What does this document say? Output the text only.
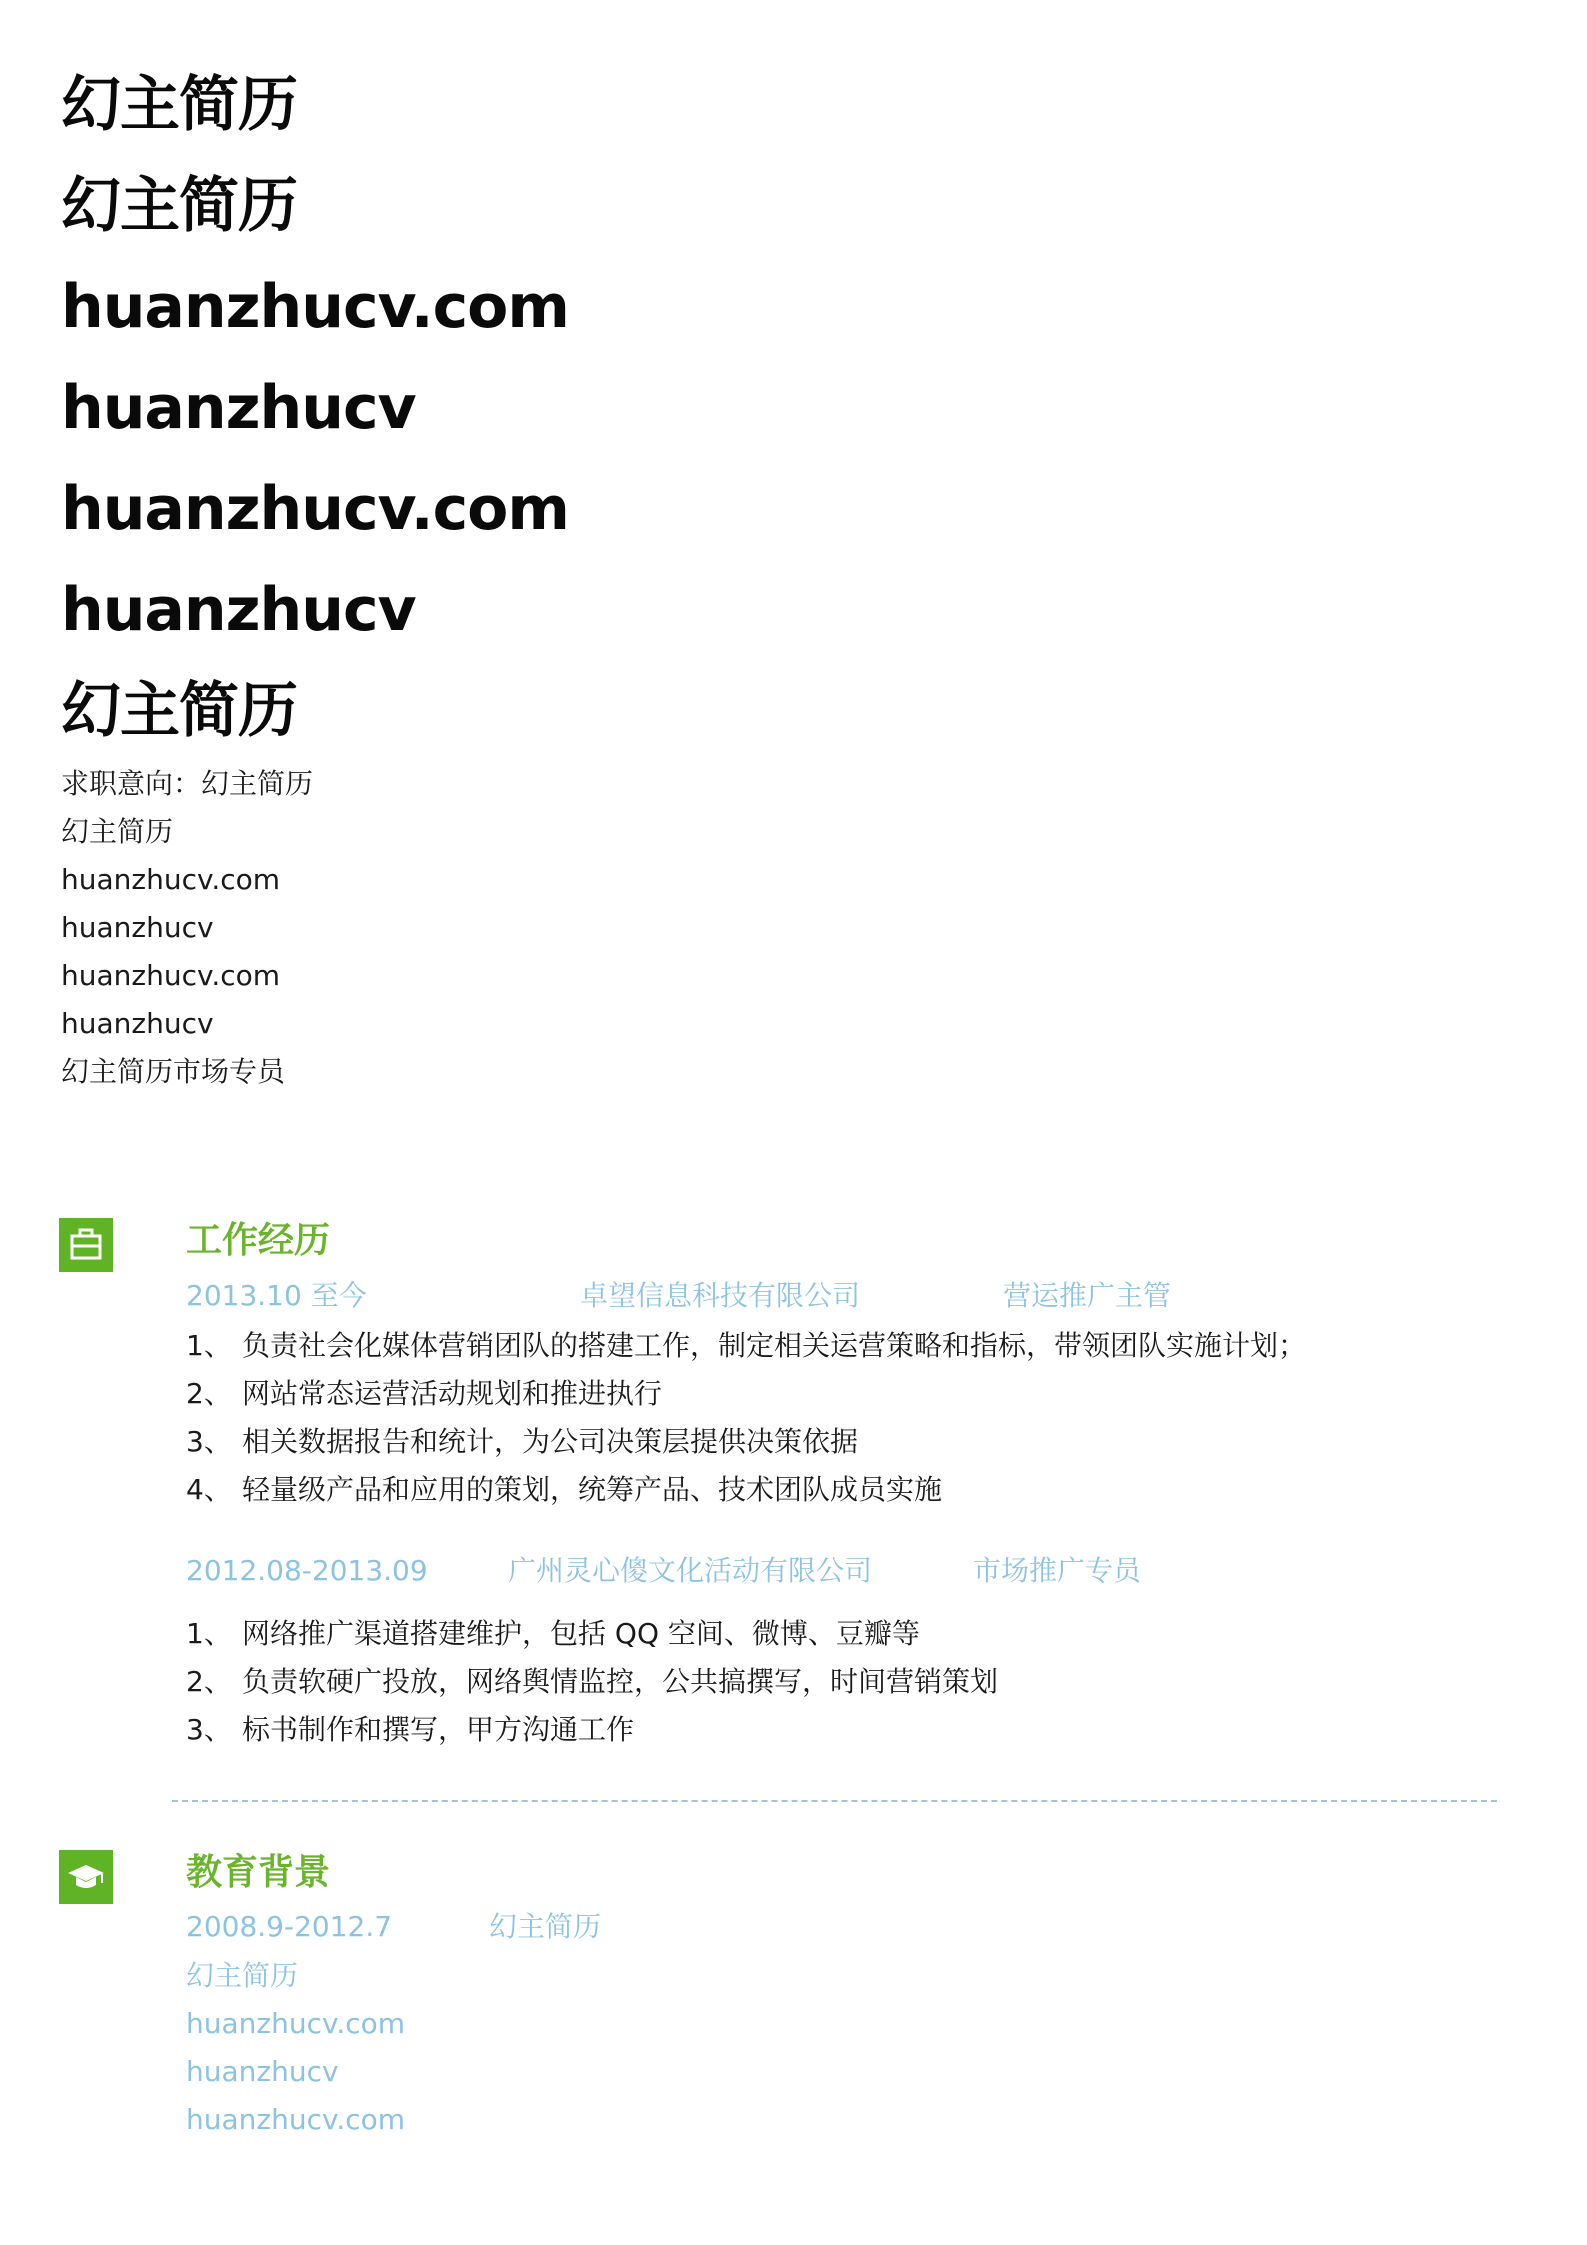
幻主简历
幻主简历
huanzhucv.com
huanzhucv
huanzhucv.com
huanzhucv
幻主简历
求职意向：幻主简历
幻主简历
huanzhucv.com
huanzhucv
huanzhucv.com
huanzhucv
幻主简历市场专员
工作经历
2013.10 至今	卓望信息科技有限公司	营运推广主管
1、 负责社会化媒体营销团队的搭建工作，制定相关运营策略和指标，带领团队实施计划；
2、 网站常态运营活动规划和推进执行
3、 相关数据报告和统计，为公司决策层提供决策依据
4、 轻量级产品和应用的策划，统筹产品、技术团队成员实施
2012.08-2013.09	广州灵心傻文化活动有限公司	市场推广专员
1、 网络推广渠道搭建维护，包括 QQ 空间、微博、豆瓣等
2、 负责软硬广投放，网络舆情监控，公共搞撰写，时间营销策划
3、 标书制作和撰写，甲方沟通工作
教育背景
2008.9-2012.7	幻主简历
幻主简历
huanzhucv.com
huanzhucv
huanzhucv.com
